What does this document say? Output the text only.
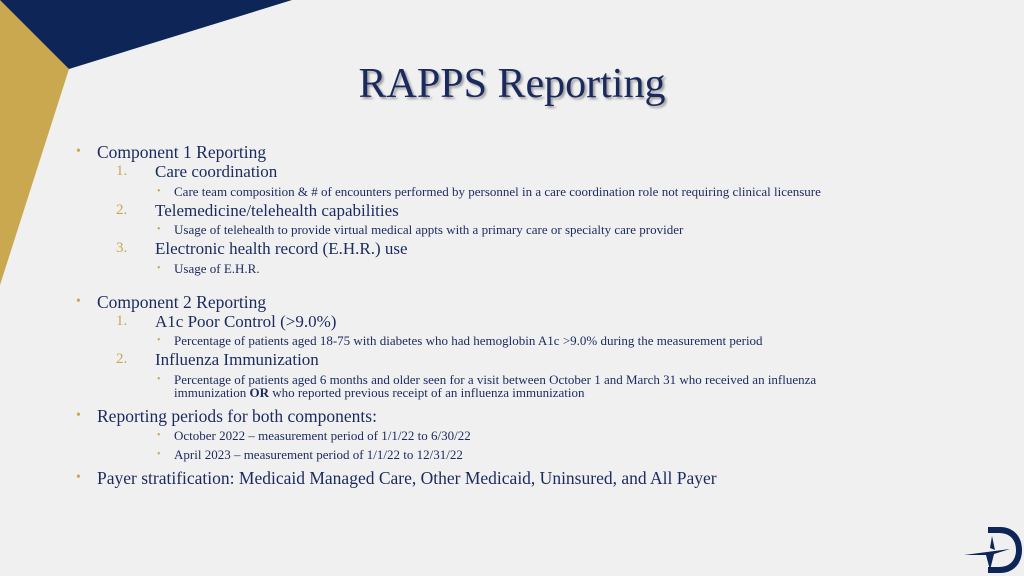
RAPPS Reporting
• Component 1 Reporting
1. Care coordination
• Care team composition & # of encounters performed by personnel in a care coordination role not requiring clinical licensure
2. Telemedicine/telehealth capabilities
• Usage of telehealth to provide virtual medical appts with a primary care or specialty care provider
3. Electronic health record (E.H.R.) use
• Usage of E.H.R.
• Component 2 Reporting
1. A1c Poor Control (>9.0%)
• Percentage of patients aged 18-75 with diabetes who had hemoglobin A1c >9.0% during the measurement period
2. Influenza Immunization
• Percentage of patients aged 6 months and older seen for a visit between October 1 and March 31 who received an influenza
immunization OR who reported previous receipt of an influenza immunization
• Reporting periods for both components:
• October 2022 – measurement period of 1/1/22 to 6/30/22
• April 2023 – measurement period of 1/1/22 to 12/31/22
• Payer stratification: Medicaid Managed Care, Other Medicaid, Uninsured, and All Payer
